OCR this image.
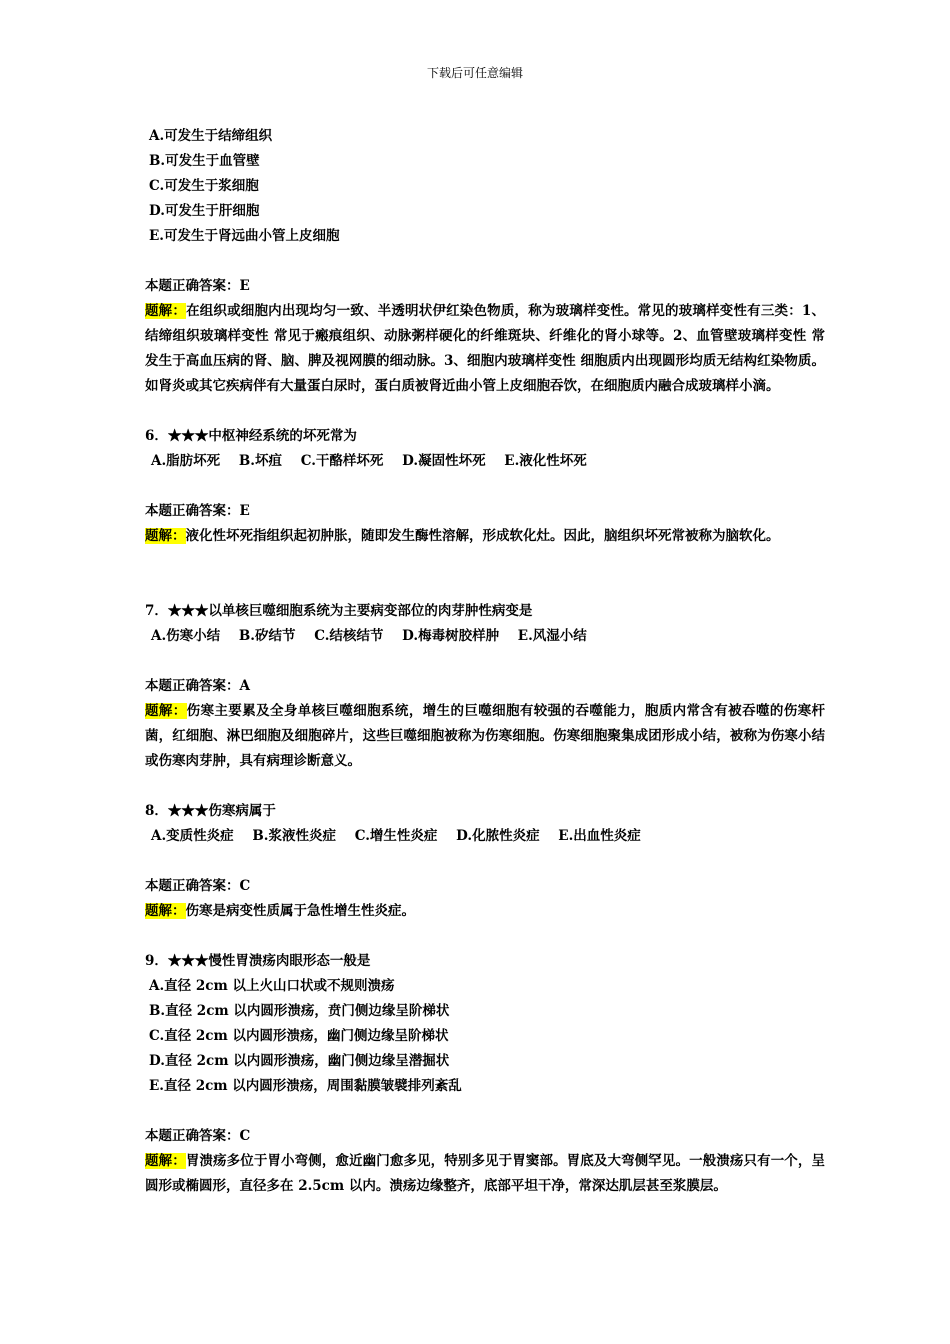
下载后可任意编辑
A.可发生于结缔组织
B.可发生于血管壁
C.可发生于浆细胞
D.可发生于肝细胞
E.可发生于肾远曲小管上皮细胞

本题正确答案：E

题解：在组织或细胞内出现均匀一致、半透明状伊红染色物质，称为玻璃样变性。常见的玻璃样变性有三类：1、结缔组织玻璃样变性 常见于瘢痕组织、动脉粥样硬化的纤维斑块、纤维化的肾小球等。2、血管壁玻璃样变性 常发生于高血压病的肾、脑、脾及视网膜的细动脉。3、细胞内玻璃样变性 细胞质内出现圆形均质无结构红染物质。如肾炎或其它疾病伴有大量蛋白尿时，蛋白质被肾近曲小管上皮细胞吞饮，在细胞质内融合成玻璃样小滴。

6．★★★中枢神经系统的坏死常为

A.脂肪坏死 B.坏疽 C.干酪样坏死 D.凝固性坏死 E.液化性坏死

本题正确答案：E

题解：液化性坏死指组织起初肿胀，随即发生酶性溶解，形成软化灶。因此，脑组织坏死常被称为脑软化。

7．★★★以单核巨噬细胞系统为主要病变部位的肉芽肿性病变是

A.伤寒小结 B.矽结节 C.结核结节 D.梅毒树胶样肿 E.风湿小结

本题正确答案：A

题解：伤寒主要累及全身单核巨噬细胞系统，增生的巨噬细胞有较强的吞噬能力，胞质内常含有被吞噬的伤寒杆菌，红细胞、淋巴细胞及细胞碎片，这些巨噬细胞被称为伤寒细胞。伤寒细胞聚集成团形成小结，被称为伤寒小结或伤寒肉芽肿，具有病理诊断意义。

8．★★★伤寒病属于

A.变质性炎症 B.浆液性炎症 C.增生性炎症 D.化脓性炎症 E.出血性炎症

本题正确答案：C

题解：伤寒是病变性质属于急性增生性炎症。

9．★★★慢性胃溃疡肉眼形态一般是

A.直径 2cm 以上火山口状或不规则溃疡
B.直径 2cm 以内圆形溃疡，贲门侧边缘呈阶梯状
C.直径 2cm 以内圆形溃疡，幽门侧边缘呈阶梯状
D.直径 2cm 以内圆形溃疡，幽门侧边缘呈潜掘状
E.直径 2cm 以内圆形溃疡，周围黏膜皱襞排列紊乱

本题正确答案：C

题解：胃溃疡多位于胃小弯侧，愈近幽门愈多见，特别多见于胃窦部。胃底及大弯侧罕见。一般溃疡只有一个，呈圆形或椭圆形，直径多在 2.5cm 以内。溃疡边缘整齐，底部平坦干净，常深达肌层甚至浆膜层。
